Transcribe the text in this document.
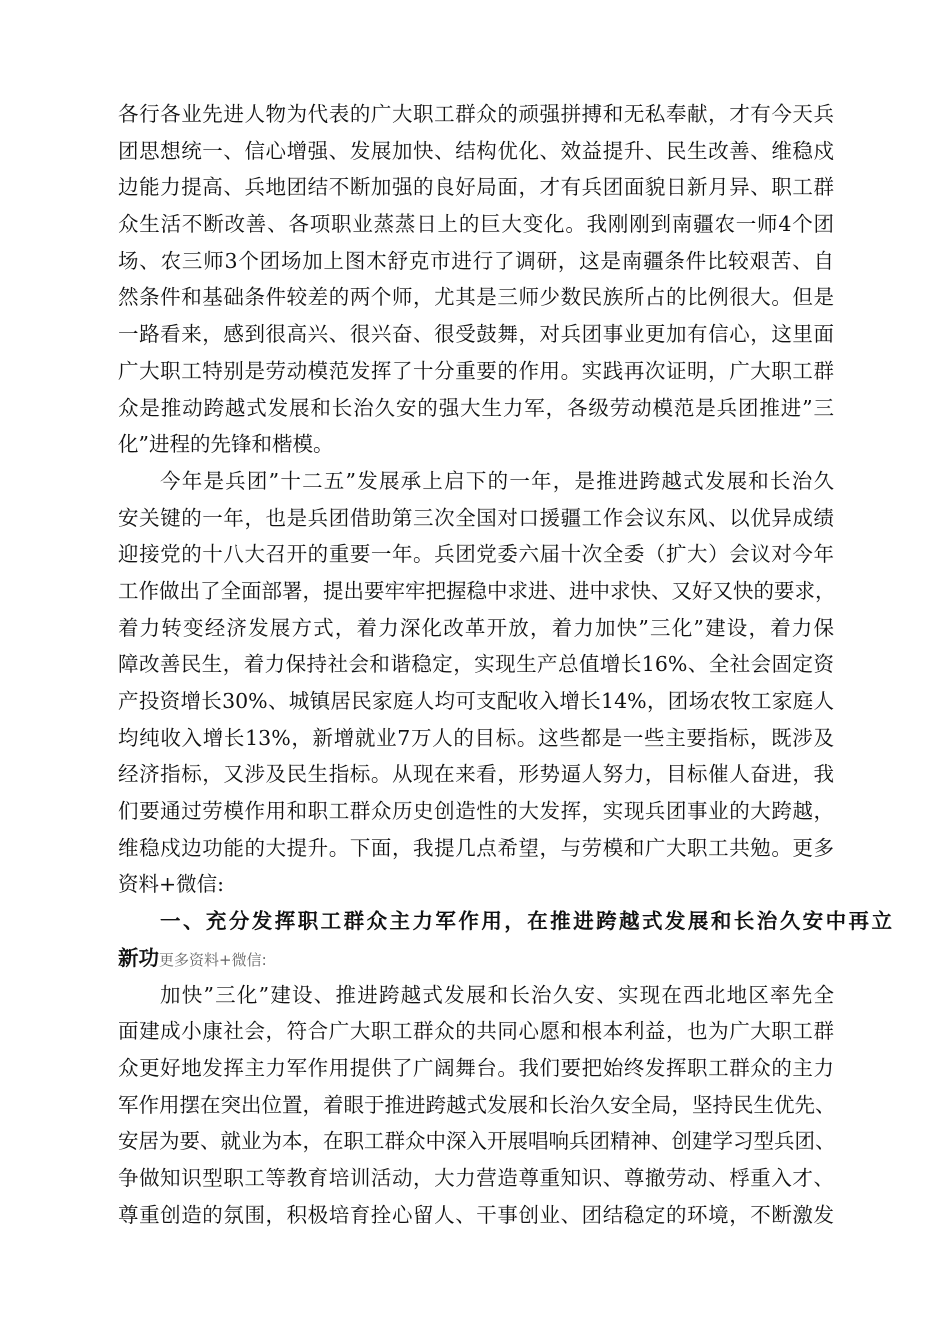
各行各业先进人物为代表的广大职工群众的顽强拼搏和无私奉献，才有今天兵
团思想统一、信心增强、发展加快、结构优化、效益提升、民生改善、维稳戍
边能力提高、兵地团结不断加强的良好局面，才有兵团面貌日新月异、职工群
众生活不断改善、各项职业蒸蒸日上的巨大变化。我刚刚到南疆农一师4个团
场、农三师3个团场加上图木舒克市进行了调研，这是南疆条件比较艰苦、自
然条件和基础条件较差的两个师，尤其是三师少数民族所占的比例很大。但是
一路看来，感到很高兴、很兴奋、很受鼓舞，对兵团事业更加有信心，这里面
广大职工特别是劳动模范发挥了十分重要的作用。实践再次证明，广大职工群
众是推动跨越式发展和长治久安的强大生力军，各级劳动模范是兵团推进”三
化”进程的先锋和楷模。
今年是兵团”十二五”发展承上启下的一年，是推进跨越式发展和长治久
安关键的一年，也是兵团借助第三次全国对口援疆工作会议东风、以优异成绩
迎接党的十八大召开的重要一年。兵团党委六届十次全委（扩大）会议对今年
工作做出了全面部署，提出要牢牢把握稳中求进、进中求快、又好又快的要求，
着力转变经济发展方式，着力深化改革开放，着力加快”三化”建设，着力保
障改善民生，着力保持社会和谐稳定，实现生产总值增长16%、全社会固定资
产投资增长30%、城镇居民家庭人均可支配收入增长14%，团场农牧工家庭人
均纯收入增长13%，新增就业7万人的目标。这些都是一些主要指标，既涉及
经济指标，又涉及民生指标。从现在来看，形势逼人努力，目标催人奋进，我
们要通过劳模作用和职工群众历史创造性的大发挥，实现兵团事业的大跨越，
维稳戍边功能的大提升。下面，我提几点希望，与劳模和广大职工共勉。更多
资料+微信:
一、充分发挥职工群众主力军作用，在推进跨越式发展和长治久安中再立
新功更多资料+微信:
加快”三化”建设、推进跨越式发展和长治久安、实现在西北地区率先全
面建成小康社会，符合广大职工群众的共同心愿和根本利益，也为广大职工群
众更好地发挥主力军作用提供了广阔舞台。我们要把始终发挥职工群众的主力
军作用摆在突出位置，着眼于推进跨越式发展和长治久安全局，坚持民生优先、
安居为要、就业为本，在职工群众中深入开展唱响兵团精神、创建学习型兵团、
争做知识型职工等教育培训活动，大力营造尊重知识、尊撤劳动、桴重入才、
尊重创造的氛围，积极培育拴心留人、干事创业、团结稳定的环境，不断激发
